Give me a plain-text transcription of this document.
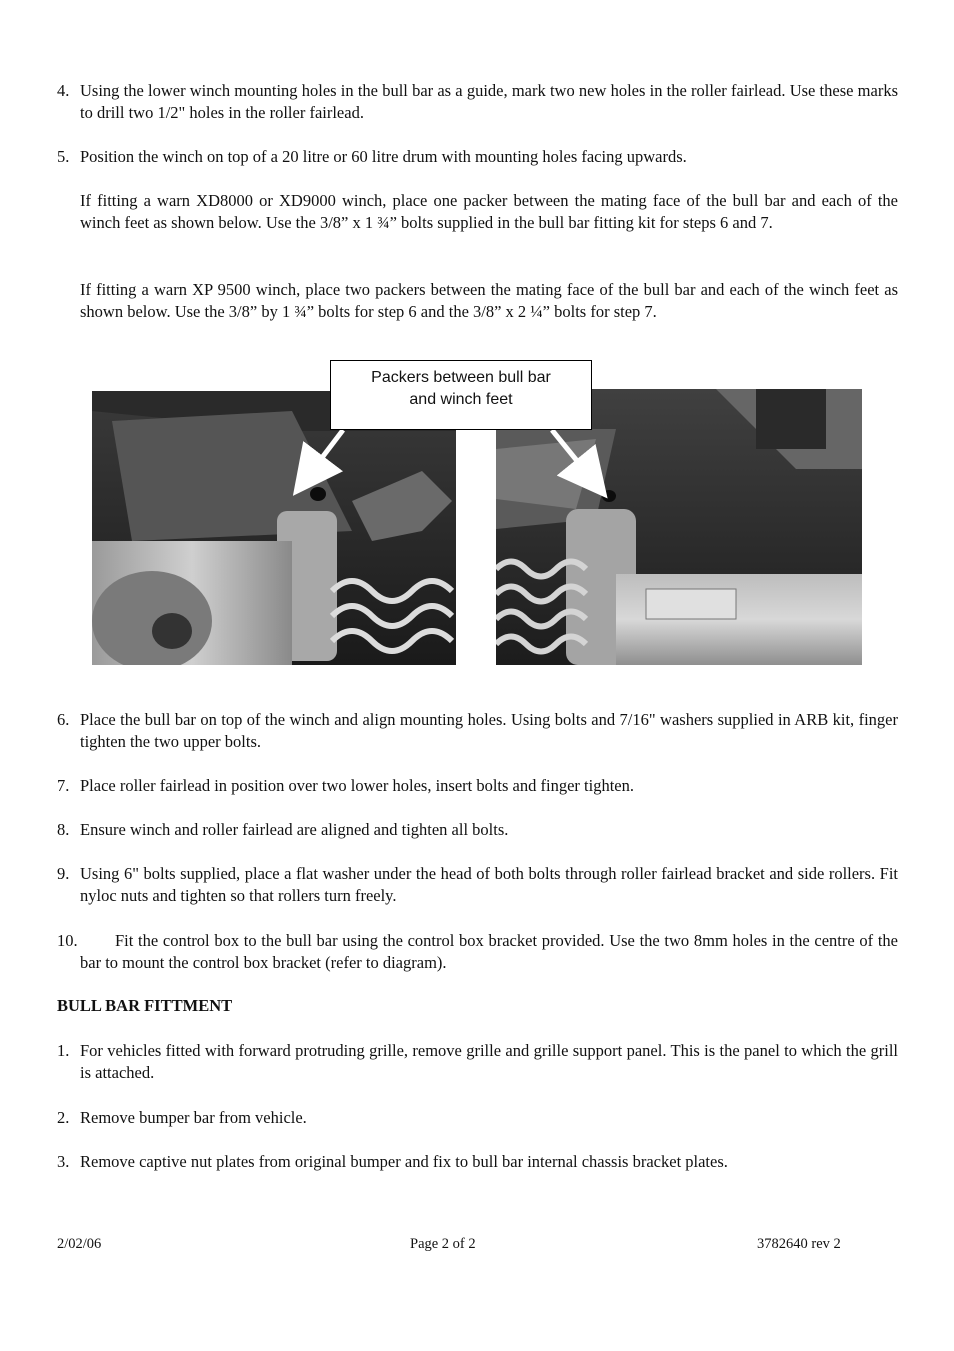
4. Using the lower winch mounting holes in the bull bar as a guide, mark two new holes in the roller fairlead. Use these marks to drill two 1/2" holes in the roller fairlead.
5. Position the winch on top of a 20 litre or 60 litre drum with mounting holes facing upwards.
If fitting a warn XD8000 or XD9000 winch, place one packer between the mating face of the bull bar and each of the winch feet as shown below. Use the 3/8” x 1 ¾” bolts supplied in the bull bar fitting kit for steps 6 and 7.
If fitting a warn XP 9500 winch, place two packers between the mating face of the bull bar and each of the winch feet as shown below. Use the 3/8” by 1 ¾” bolts for step 6 and the 3/8” x 2 ¼” bolts for step 7.
Packers between bull bar
and winch feet
6. Place the bull bar on top of the winch and align mounting holes. Using bolts and 7/16" washers supplied in ARB kit, finger tighten the two upper bolts.
7. Place roller fairlead in position over two lower holes, insert bolts and finger tighten.
8. Ensure winch and roller fairlead are aligned and tighten all bolts.
9. Using 6" bolts supplied, place a flat washer under the head of both bolts through roller fairlead bracket and side rollers. Fit nyloc nuts and tighten so that rollers turn freely.
10.	Fit the control box to the bull bar using the control box bracket provided. Use the two 8mm holes in the centre of the bar to mount the control box bracket (refer to diagram).
BULL BAR FITTMENT
1. For vehicles fitted with forward protruding grille, remove grille and grille support panel. This is the panel to which the grill is attached.
2. Remove bumper bar from vehicle.
3. Remove captive nut plates from original bumper and fix to bull bar internal chassis bracket plates.
2/02/06	Page 2 of 2	3782640 rev 2
